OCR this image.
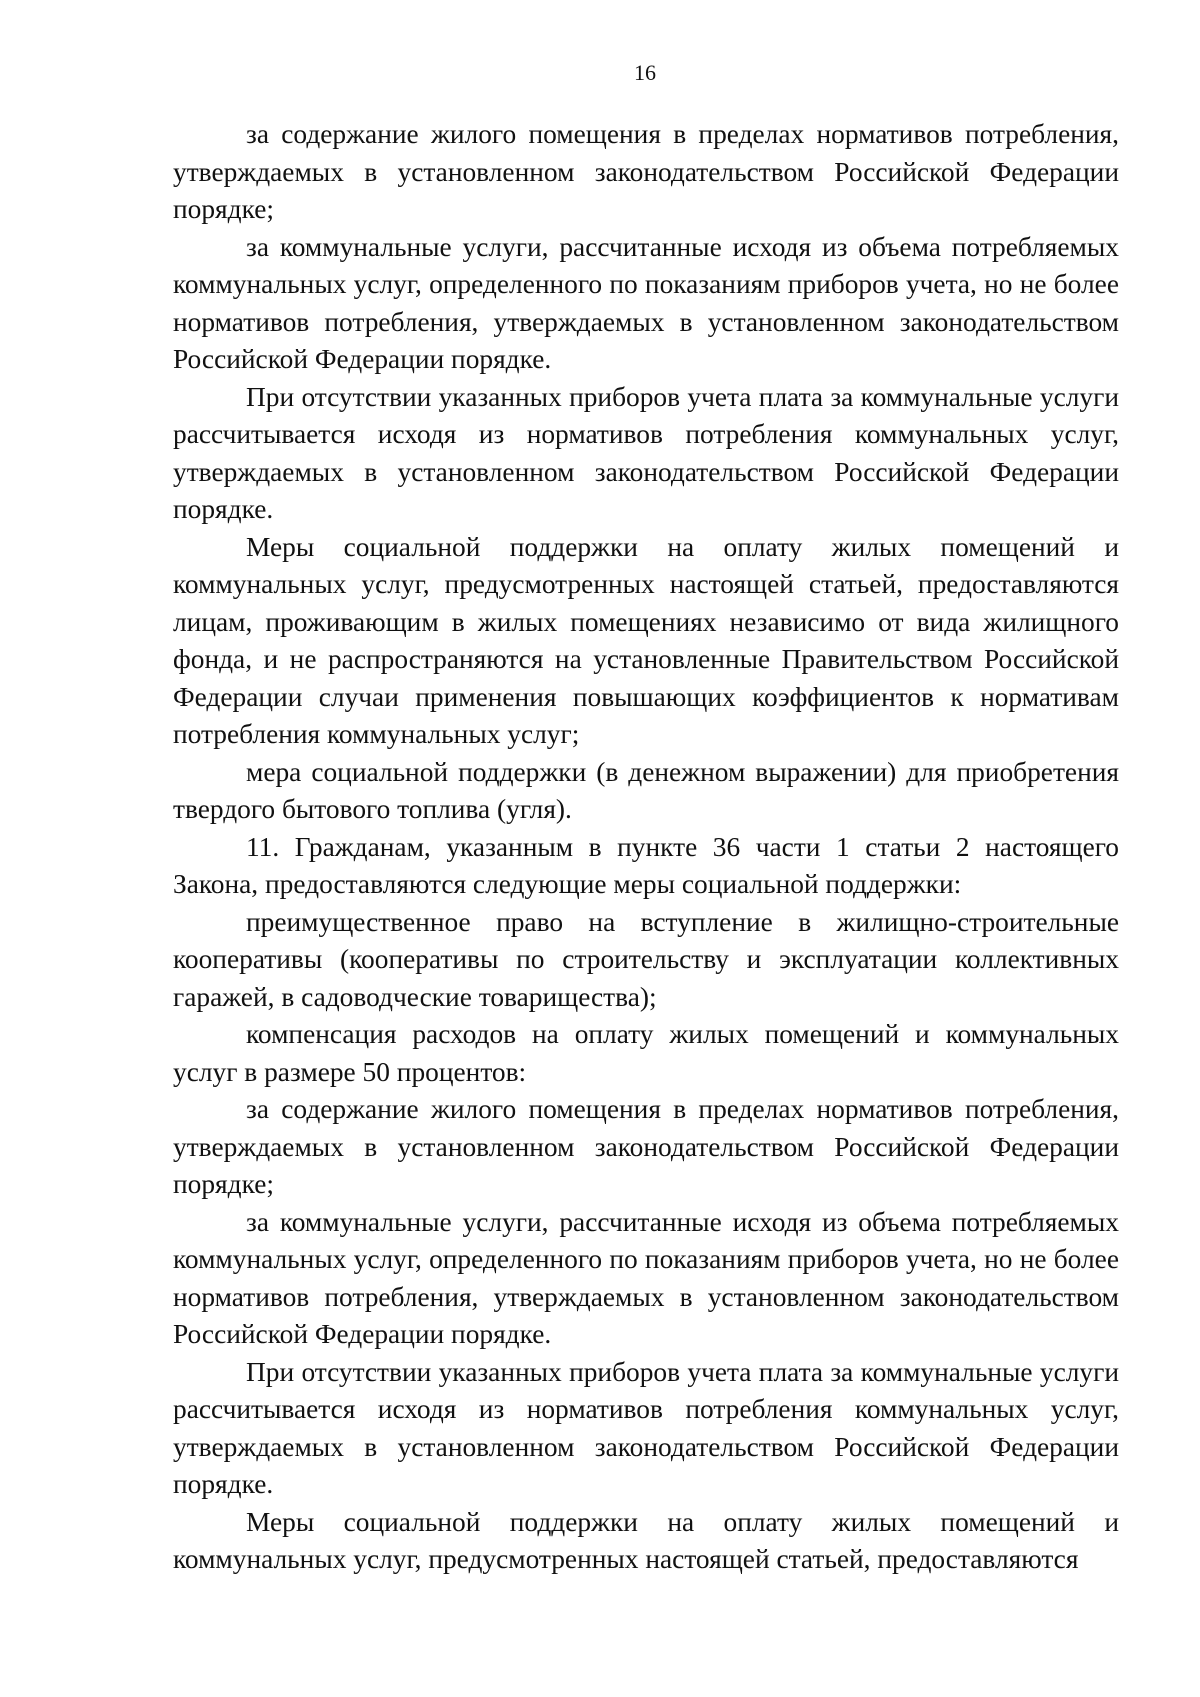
16

за содержание жилого помещения в пределах нормативов потребления, утверждаемых в установленном законодательством Российской Федерации порядке;

за коммунальные услуги, рассчитанные исходя из объема потребляемых коммунальных услуг, определенного по показаниям приборов учета, но не более нормативов потребления, утверждаемых в установленном законодательством Российской Федерации порядке.

При отсутствии указанных приборов учета плата за коммунальные услуги рассчитывается исходя из нормативов потребления коммунальных услуг, утверждаемых в установленном законодательством Российской Федерации порядке.

Меры социальной поддержки на оплату жилых помещений и коммунальных услуг, предусмотренных настоящей статьей, предоставляются лицам, проживающим в жилых помещениях независимо от вида жилищного фонда, и не распространяются на установленные Правительством Российской Федерации случаи применения повышающих коэффициентов к нормативам потребления коммунальных услуг;

мера социальной поддержки (в денежном выражении) для приобретения твердого бытового топлива (угля).

11. Гражданам, указанным в пункте 36 части 1 статьи 2 настоящего Закона, предоставляются следующие меры социальной поддержки:

преимущественное право на вступление в жилищно-строительные кооперативы (кооперативы по строительству и эксплуатации коллективных гаражей, в садоводческие товарищества);

компенсация расходов на оплату жилых помещений и коммунальных услуг в размере 50 процентов:

за содержание жилого помещения в пределах нормативов потребления, утверждаемых в установленном законодательством Российской Федерации порядке;

за коммунальные услуги, рассчитанные исходя из объема потребляемых коммунальных услуг, определенного по показаниям приборов учета, но не более нормативов потребления, утверждаемых в установленном законодательством Российской Федерации порядке.

При отсутствии указанных приборов учета плата за коммунальные услуги рассчитывается исходя из нормативов потребления коммунальных услуг, утверждаемых в установленном законодательством Российской Федерации порядке.

Меры социальной поддержки на оплату жилых помещений и коммунальных услуг, предусмотренных настоящей статьей, предоставляются
